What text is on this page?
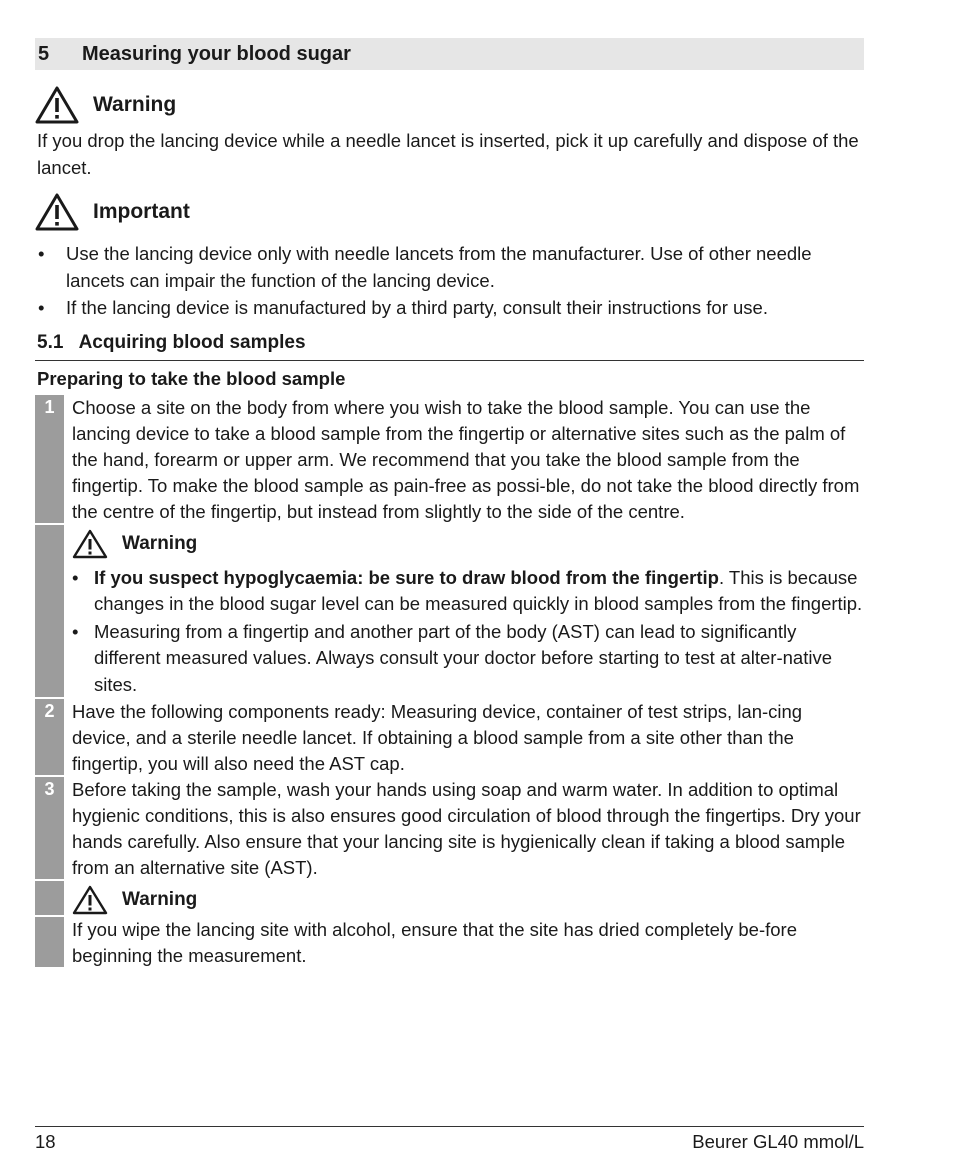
5	Measuring your blood sugar
Warning

If you drop the lancing device while a needle lancet is inserted, pick it up carefully and dispose of the lancet.

Important
• Use the lancing device only with needle lancets from the manufacturer. Use of other needle lancets can impair the function of the lancing device.
• If the lancing device is manufactured by a third party, consult their instructions for use.
5.1 Acquiring blood samples
Preparing to take the blood sample
1 Choose a site on the body from where you wish to take the blood sample. You can use the lancing device to take a blood sample from the fingertip or alternative sites such as the palm of the hand, forearm or upper arm. We recommend that you take the blood sample from the fingertip. To make the blood sample as pain-free as possi-ble, do not take the blood directly from the centre of the fingertip, but instead from slightly to the side of the centre.
Warning
• If you suspect hypoglycaemia: be sure to draw blood from the fingertip. This is because changes in the blood sugar level can be measured quickly in blood samples from the fingertip.
• Measuring from a fingertip and another part of the body (AST) can lead to significantly different measured values. Always consult your doctor before starting to test at alter-native sites.
2 Have the following components ready: Measuring device, container of test strips, lan-cing device, and a sterile needle lancet. If obtaining a blood sample from a site other than the fingertip, you will also need the AST cap.
3 Before taking the sample, wash your hands using soap and warm water. In addition to optimal hygienic conditions, this is also ensures good circulation of blood through the fingertips. Dry your hands carefully. Also ensure that your lancing site is hygienically clean if taking a blood sample from an alternative site (AST).
Warning
If you wipe the lancing site with alcohol, ensure that the site has dried completely be-fore beginning the measurement.
18	Beurer GL40 mmol/L
